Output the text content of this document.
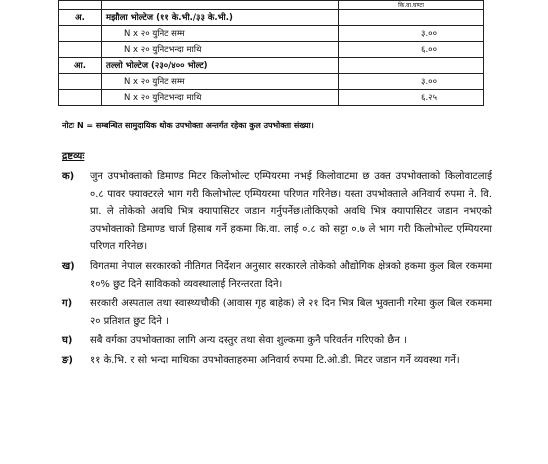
		कि.वा.घण्टा
अ.	मझौला भोल्टेज (११ के.भी./३३ के.भी.)	
	N x २० युनिट सम्म	३.००
	N x २० युनिटभन्दा माथि	६.००
आ.	तल्लो भोल्टेज (२३०/४०० भोल्ट)	
	N x २० युनिट सम्म	३.००
	N x २० युनिटभन्दा माथि	६.२५
नोटः N = सम्बन्धित सामुदायिक थोक उपभोक्ता अन्तर्गत रहेका कुल उपभोक्ता संख्या।
द्रष्टव्यः
क)	जुन उपभोक्ताको डिमाण्ड मिटर किलोभोल्ट एम्पियरमा नभई किलोवाटमा छ उक्त उपभोक्ताको किलोवाटलाई ०.८ पावर फ्याक्टरले भाग गरी किलोभोल्ट एम्पियरमा परिणत गरिनेछ। यस्ता उपभोक्ताले अनिवार्य रुपमा ने. वि. प्रा. ले तोकेको अवधि भित्र क्यापासिटर जडान गर्नुपर्नेछ।तोकिएको अवधि भित्र क्यापासिटर जडान नभएको उपभोक्ताको डिमाण्ड चार्ज हिसाब गर्ने हकमा कि.वा. लाई ०.८ को सट्टा ०.७ ले भाग गरी किलोभोल्ट एम्पियरमा परिणत गरिनेछ।
ख)	विगतमा नेपाल सरकारको नीतिगत निर्देशन अनुसार सरकारले तोकेको औद्योगिक क्षेत्रको हकमा कुल बिल रकममा १०% छुट दिने साविकको व्यवस्थालाई निरन्तरता दिने।
ग)	सरकारी अस्पताल तथा स्वास्थ्यचौकी (आवास गृह बाहेक) ले २१ दिन भित्र बिल भुक्तानी गरेमा कुल बिल रकममा २० प्रतिशत छुट दिने ।
घ)	सबै वर्गका उपभोक्ताका लागि अन्य दस्तुर तथा सेवा शुल्कमा कुनै परिवर्तन गरिएको छैन ।
ङ)	११ के.भि. र सो भन्दा माथिका उपभोक्ताहरुमा अनिवार्य रुपमा टि.ओ.डी. मिटर जडान गर्ने व्यवस्था गर्ने।
